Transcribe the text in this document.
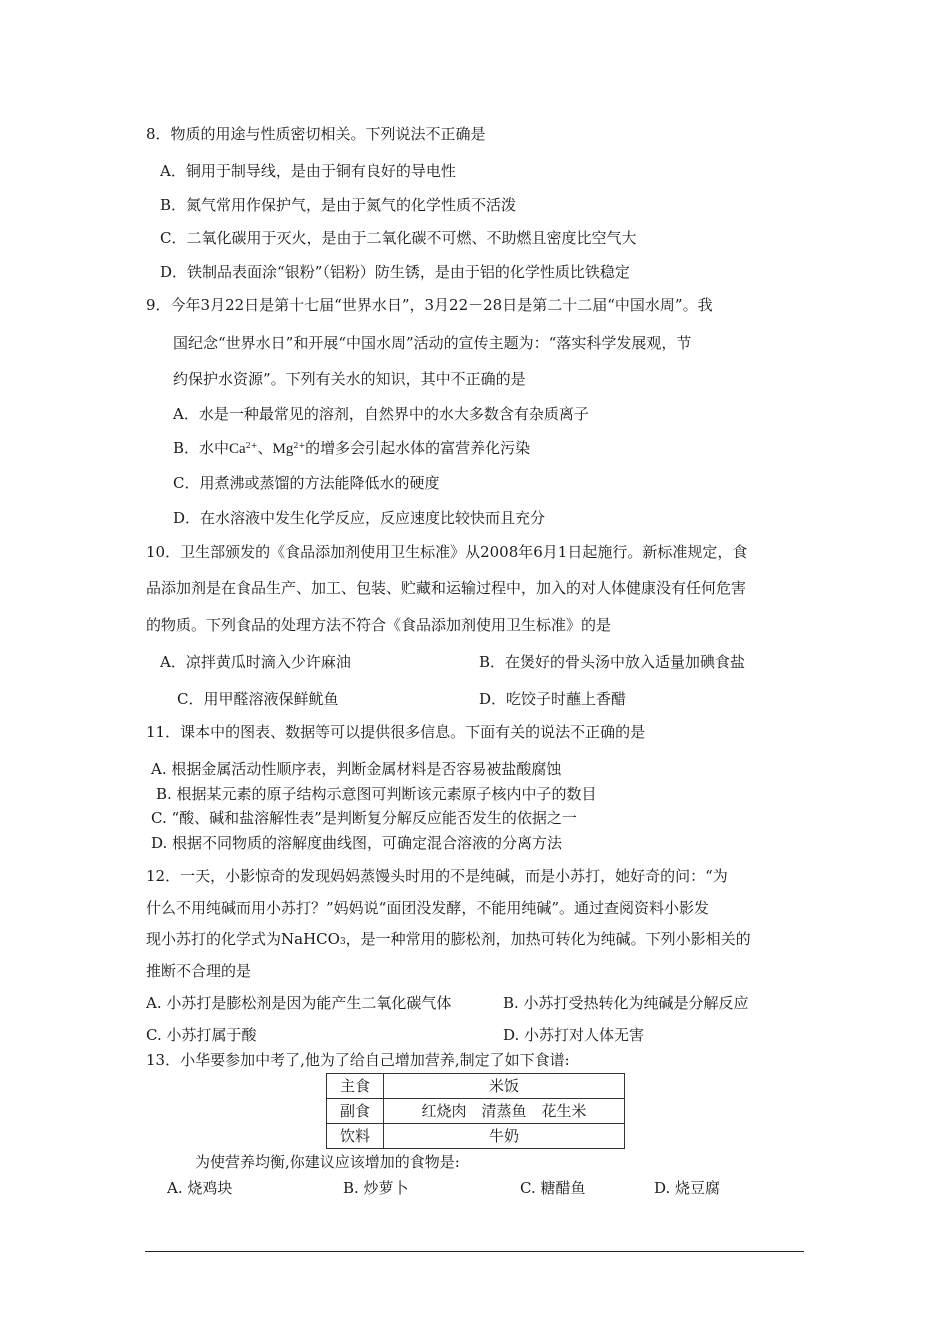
8．物质的用途与性质密切相关。下列说法不正确是
A．铜用于制导线，是由于铜有良好的导电性
B．氮气常用作保护气，是由于氮气的化学性质不活泼
C．二氧化碳用于灭火，是由于二氧化碳不可燃、不助燃且密度比空气大
D．铁制品表面涂“银粉”（铝粉）防生锈，是由于铝的化学性质比铁稳定
9．今年3月22日是第十七届“世界水日”，3月22－28日是第二十二届“中国水周”。我
国纪念“世界水日”和开展“中国水周”活动的宣传主题为：“落实科学发展观，节
约保护水资源”。下列有关水的知识，其中不正确的是
A．水是一种最常见的溶剂，自然界中的水大多数含有杂质离子
B．水中$Ca^{2+}$、$Mg^{2+}$的增多会引起水体的富营养化污染
C．用煮沸或蒸馏的方法能降低水的硬度
D．在水溶液中发生化学反应，反应速度比较快而且充分
10．卫生部颁发的《食品添加剂使用卫生标准》从2008年6月1日起施行。新标准规定，食
品添加剂是在食品生产、加工、包装、贮藏和运输过程中，加入的对人体健康没有任何危害
的物质。下列食品的处理方法不符合《食品添加剂使用卫生标准》的是
A．凉拌黄瓜时滴入少许麻油	B．在煲好的骨头汤中放入适量加碘食盐
C．用甲醛溶液保鲜鱿鱼	D．吃饺子时蘸上香醋
11．课本中的图表、数据等可以提供很多信息。下面有关的说法不正确的是
A. 根据金属活动性顺序表，判断金属材料是否容易被盐酸腐蚀
B. 根据某元素的原子结构示意图可判断该元素原子核内中子的数目
C. “酸、碱和盐溶解性表”是判断复分解反应能否发生的依据之一
D. 根据不同物质的溶解度曲线图，可确定混合溶液的分离方法
12．一天，小影惊奇的发现妈妈蒸馒头时用的不是纯碱，而是小苏打，她好奇的问：“为
什么不用纯碱而用小苏打？”妈妈说“面团没发酵，不能用纯碱”。通过查阅资料小影发
现小苏打的化学式为NaHCO$_3$，是一种常用的膨松剂，加热可转化为纯碱。下列小影相关的
推断不合理的是
A. 小苏打是膨松剂是因为能产生二氧化碳气体	B. 小苏打受热转化为纯碱是分解反应
C. 小苏打属于酸	D. 小苏打对人体无害
13．小华要参加中考了,他为了给自己增加营养,制定了如下食谱:
主食	米饭
副食	红烧肉　清蒸鱼　花生米
饮料	牛奶
为使营养均衡,你建议应该增加的食物是:
A. 烧鸡块	B. 炒萝卜	C. 糖醋鱼	D. 烧豆腐
